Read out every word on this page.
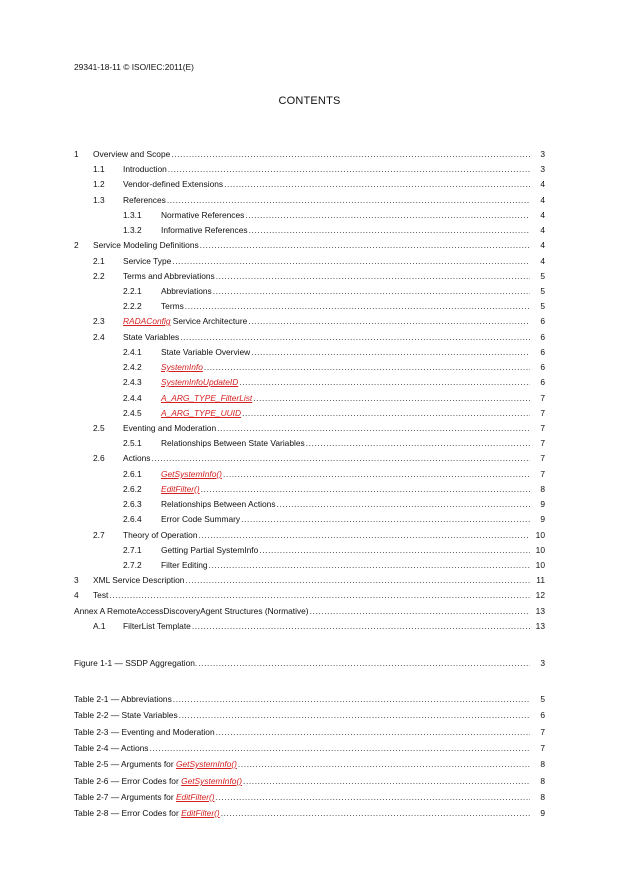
29341-18-11 © ISO/IEC:2011(E)
CONTENTS
1	Overview and Scope .....	3
1.1	Introduction .....	3
1.2	Vendor-defined Extensions .....	4
1.3	References .....	4
1.3.1	Normative References .....	4
1.3.2	Informative References .....	4
2	Service Modeling Definitions .....	4
2.1	Service Type .....	4
2.2	Terms and Abbreviations .....	5
2.2.1	Abbreviations .....	5
2.2.2	Terms .....	5
2.3	RADAConfig Service Architecture .....	6
2.4	State Variables .....	6
2.4.1	State Variable Overview .....	6
2.4.2	SystemInfo .....	6
2.4.3	SystemInfoUpdateID .....	6
2.4.4	A_ARG_TYPE_FilterList .....	7
2.4.5	A_ARG_TYPE_UUID .....	7
2.5	Eventing and Moderation .....	7
2.5.1	Relationships Between State Variables .....	7
2.6	Actions .....	7
2.6.1	GetSystemInfo() .....	7
2.6.2	EditFilter() .....	8
2.6.3	Relationships Between Actions .....	9
2.6.4	Error Code Summary .....	9
2.7	Theory of Operation .....	10
2.7.1	Getting Partial SystemInfo .....	10
2.7.2	Filter Editing .....	10
3	XML Service Description .....	11
4	Test .....	12
Annex A RemoteAccessDiscoveryAgent Structures (Normative) .....	13
A.1	FilterList Template .....	13
Figure 1-1 — SSDP Aggregation. .....	3
Table 2-1 — Abbreviations .....	5
Table 2-2 — State Variables .....	6
Table 2-3 — Eventing and Moderation .....	7
Table 2-4 — Actions .....	7
Table 2-5 — Arguments for GetSystemInfo() .....	8
Table 2-6 — Error Codes for GetSystemInfo() .....	8
Table 2-7 — Arguments for EditFilter() .....	8
Table 2-8 — Error Codes for EditFilter() .....	9
